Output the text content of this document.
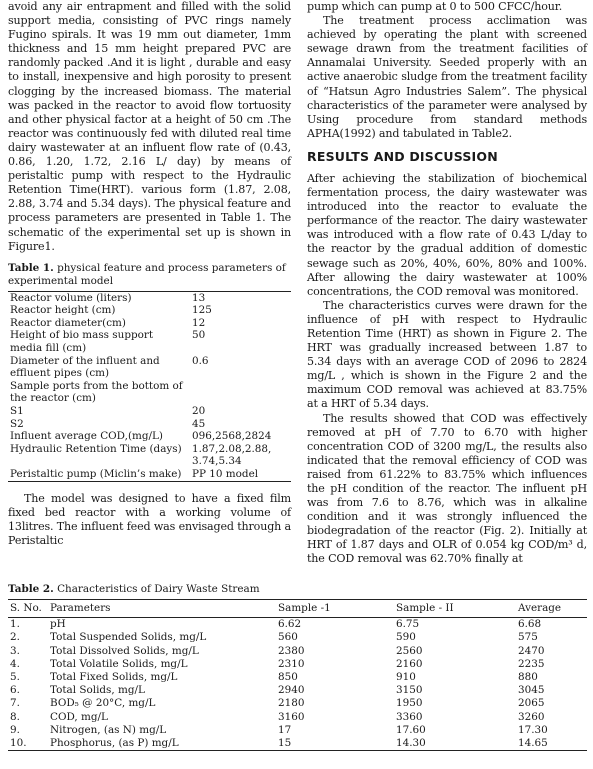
avoid any air entrapment and filled with the solid support media, consisting of PVC rings namely Fugino spirals. It was 19 mm out diameter, 1mm thickness and 15 mm height prepared PVC are randomly packed .And it is light , durable and easy to install, inexpensive and high porosity to present clogging by the increased biomass. The material was packed in the reactor to avoid flow tortuosity and other physical factor at a height of 50 cm .The reactor was continuously fed with diluted real time dairy wastewater at an influent flow rate of (0.43, 0.86, 1.20, 1.72, 2.16 L/ day) by means of peristaltic pump with respect to the Hydraulic Retention Time(HRT). various form (1.87, 2.08, 2.88, 3.74 and 5.34 days). The physical feature and process parameters are presented in Table 1. The schematic of the experimental set up is shown in Figure1.

Table 1. physical feature and process parameters of experimental model

Reactor volume (liters)	13
Reactor height (cm)	125
Reactor diameter(cm)	12
Height of bio mass support media fill (cm)	50
Diameter of the influent and effluent pipes (cm)	0.6
Sample ports from the bottom of the reactor (cm)	
S1	20
S2	45
Influent average COD,(mg/L)	096,2568,2824
Hydraulic Retention Time (days)	1.87,2.08,2.88, 3.74,5.34
Peristaltic pump (Miclin’s make)	PP 10 model

The model was designed to have a fixed film fixed bed reactor with a working volume of 13litres. The influent feed was envisaged through a Peristaltic

pump which can pump at 0 to 500 CFCC/hour.

The treatment process acclimation was achieved by operating the plant with screened sewage drawn from the treatment facilities of Annamalai University. Seeded properly with an active anaerobic sludge from the treatment facility of “Hatsun Agro Industries Salem”. The physical characteristics of the parameter were analysed by Using procedure from standard methods APHA(1992) and tabulated in Table2.

RESULTS AND DISCUSSION

After achieving the stabilization of biochemical fermentation process, the dairy wastewater was introduced into the reactor to evaluate the performance of the reactor. The dairy wastewater was introduced with a flow rate of 0.43 L/day to the reactor by the gradual addition of domestic sewage such as 20%, 40%, 60%, 80% and 100%. After allowing the dairy wastewater at 100% concentrations, the COD removal was monitored.

The characteristics curves were drawn for the influence of pH with respect to Hydraulic Retention Time (HRT) as shown in Figure 2. The HRT was gradually increased between 1.87 to 5.34 days with an average COD of 2096 to 2824 mg/L , which is shown in the Figure 2 and the maximum COD removal was achieved at 83.75% at a HRT of 5.34 days.

The results showed that COD was effectively removed at pH of 7.70 to 6.70 with higher concentration COD of 3200 mg/L, the results also indicated that the removal efficiency of COD was raised from 61.22% to 83.75% which influences the pH condition of the reactor. The influent pH was from 7.6 to 8.76, which was in alkaline condition and it was strongly influenced the biodegradation of the reactor (Fig. 2). Initially at HRT of 1.87 days and OLR of 0.054 kg COD/m³ d, the COD removal was 62.70% finally at

Table 2. Characteristics of Dairy Waste Stream

S. No.	Parameters	Sample -1	Sample - II	Average
1.	pH	6.62	6.75	6.68
2.	Total Suspended Solids, mg/L	560	590	575
3.	Total Dissolved Solids, mg/L	2380	2560	2470
4.	Total Volatile Solids, mg/L	2310	2160	2235
5.	Total Fixed Solids, mg/L	850	910	880
6.	Total Solids, mg/L	2940	3150	3045
7.	BOD₅ @ 20°C, mg/L	2180	1950	2065
8.	COD, mg/L	3160	3360	3260
9.	Nitrogen, (as N) mg/L	17	17.60	17.30
10.	Phosphorus, (as P) mg/L	15	14.30	14.65
